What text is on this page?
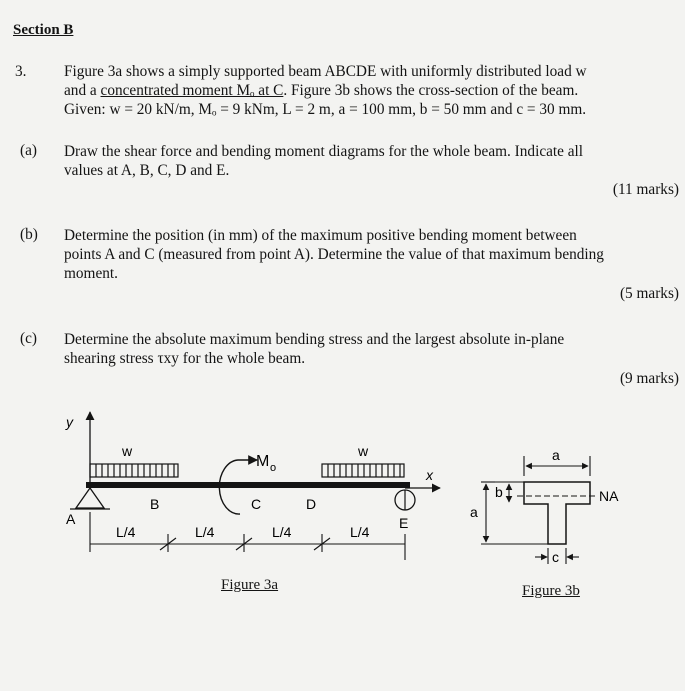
Section B
3. Figure 3a shows a simply supported beam ABCDE with uniformly distributed load w
and a concentrated moment Mₒ at C. Figure 3b shows the cross-section of the beam.
Given: w = 20 kN/m, Mₒ = 9 kNm, L = 2 m, a = 100 mm, b = 50 mm and c = 30 mm.
(a) Draw the shear force and bending moment diagrams for the whole beam. Indicate all
values at A, B, C, D and E.
(11 marks)
(b) Determine the position (in mm) of the maximum positive bending moment between
points A and C (measured from point A). Determine the value of that maximum bending
moment.
(5 marks)
(c) Determine the absolute maximum bending stress and the largest absolute in-plane
shearing stress τxy for the whole beam.
(9 marks)
y
x
w	w
A	E
M o
B	C	D
L/4	L/4	L/4	L/4
Figure 3a
a
NA
a
b
c
Figure 3b
